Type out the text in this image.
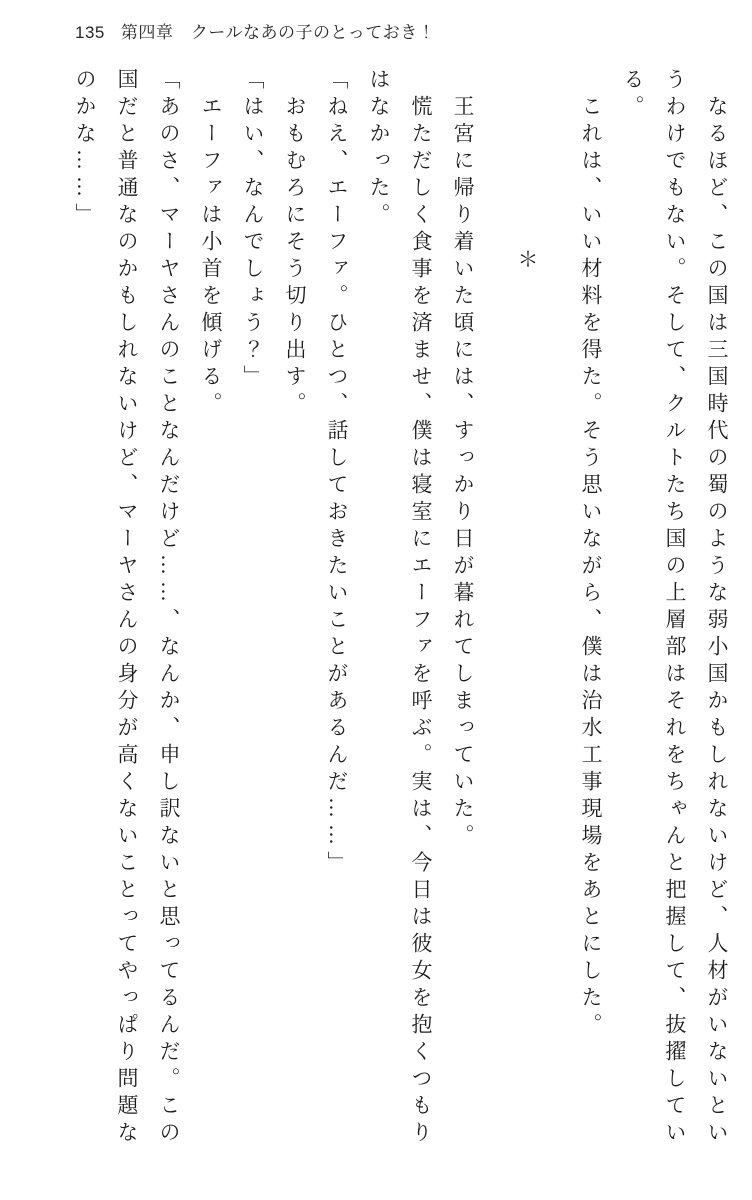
135 第四章　クールなあの子のとっておき！
なるほど、この国は三国時代の蜀のような弱小国かもしれないけど、人材がいないとい
うわけでもない。そして、クルトたち国の上層部はそれをちゃんと把握して、抜擢してい
る。
これは、いい材料を得た。そう思いながら、僕は治水工事現場をあとにした。
＊
王宮に帰り着いた頃には、すっかり日が暮れてしまっていた。
慌ただしく食事を済ませ、僕は寝室にエーファを呼ぶ。実は、今日は彼女を抱くつもり
はなかった。
「ねえ、エーファ。ひとつ、話しておきたいことがあるんだ……」
おもむろにそう切り出す。
「はい、なんでしょう？」
エーファは小首を傾げる。
「あのさ、マーヤさんのことなんだけど……、なんか、申し訳ないと思ってるんだ。この
国だと普通なのかもしれないけど、マーヤさんの身分が高くないことってやっぱり問題な
のかな……」
